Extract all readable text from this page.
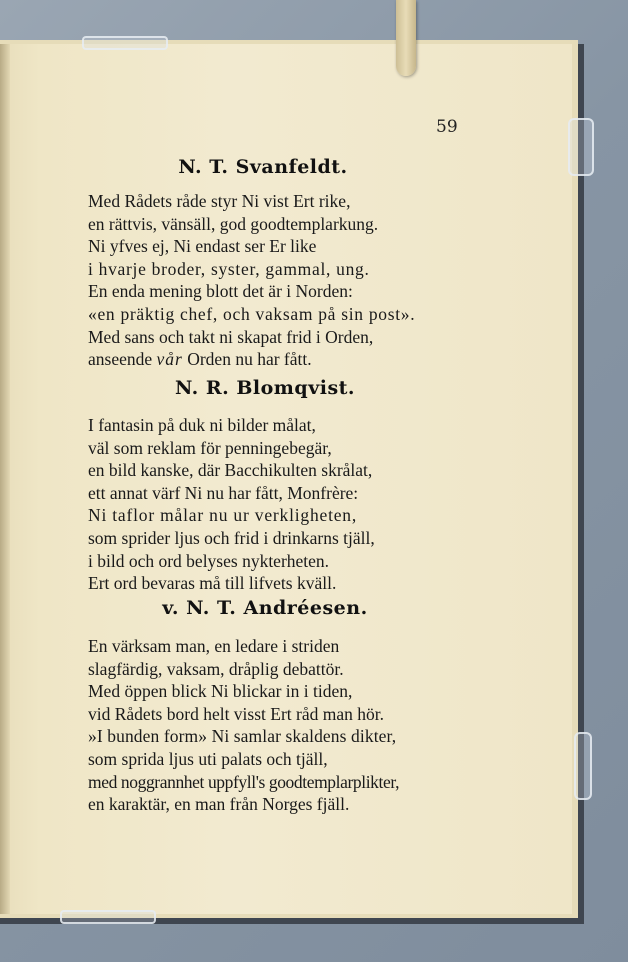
59
N. T. Svanfeldt.
Med Rådets råde styr Ni vist Ert rike,
en rättvis, vänsäll, god goodtemplarkung.
Ni yfves ej, Ni endast ser Er like
i hvarje broder, syster, gammal, ung.
En enda mening blott det är i Norden:
«en präktig chef, och vaksam på sin post».
Med sans och takt ni skapat frid i Orden,
anseende vår Orden nu har fått.
N. R. Blomqvist.
I fantasin på duk ni bilder målat,
väl som reklam för penningebegär,
en bild kanske, där Bacchikulten skrålat,
ett annat värf Ni nu har fått, Monfrère:
Ni taflor målar nu ur verkligheten,
som sprider ljus och frid i drinkarns tjäll,
i bild och ord belyses nykterheten.
Ert ord bevaras må till lifvets kväll.
v. N. T. Andréesen.
En värksam man, en ledare i striden
slagfärdig, vaksam, dråplig debattör.
Med öppen blick Ni blickar in i tiden,
vid Rådets bord helt visst Ert råd man hör.
»I bunden form» Ni samlar skaldens dikter,
som sprida ljus uti palats och tjäll,
med noggrannhet uppfyll's goodtemplarplikter,
en karaktär, en man från Norges fjäll.
